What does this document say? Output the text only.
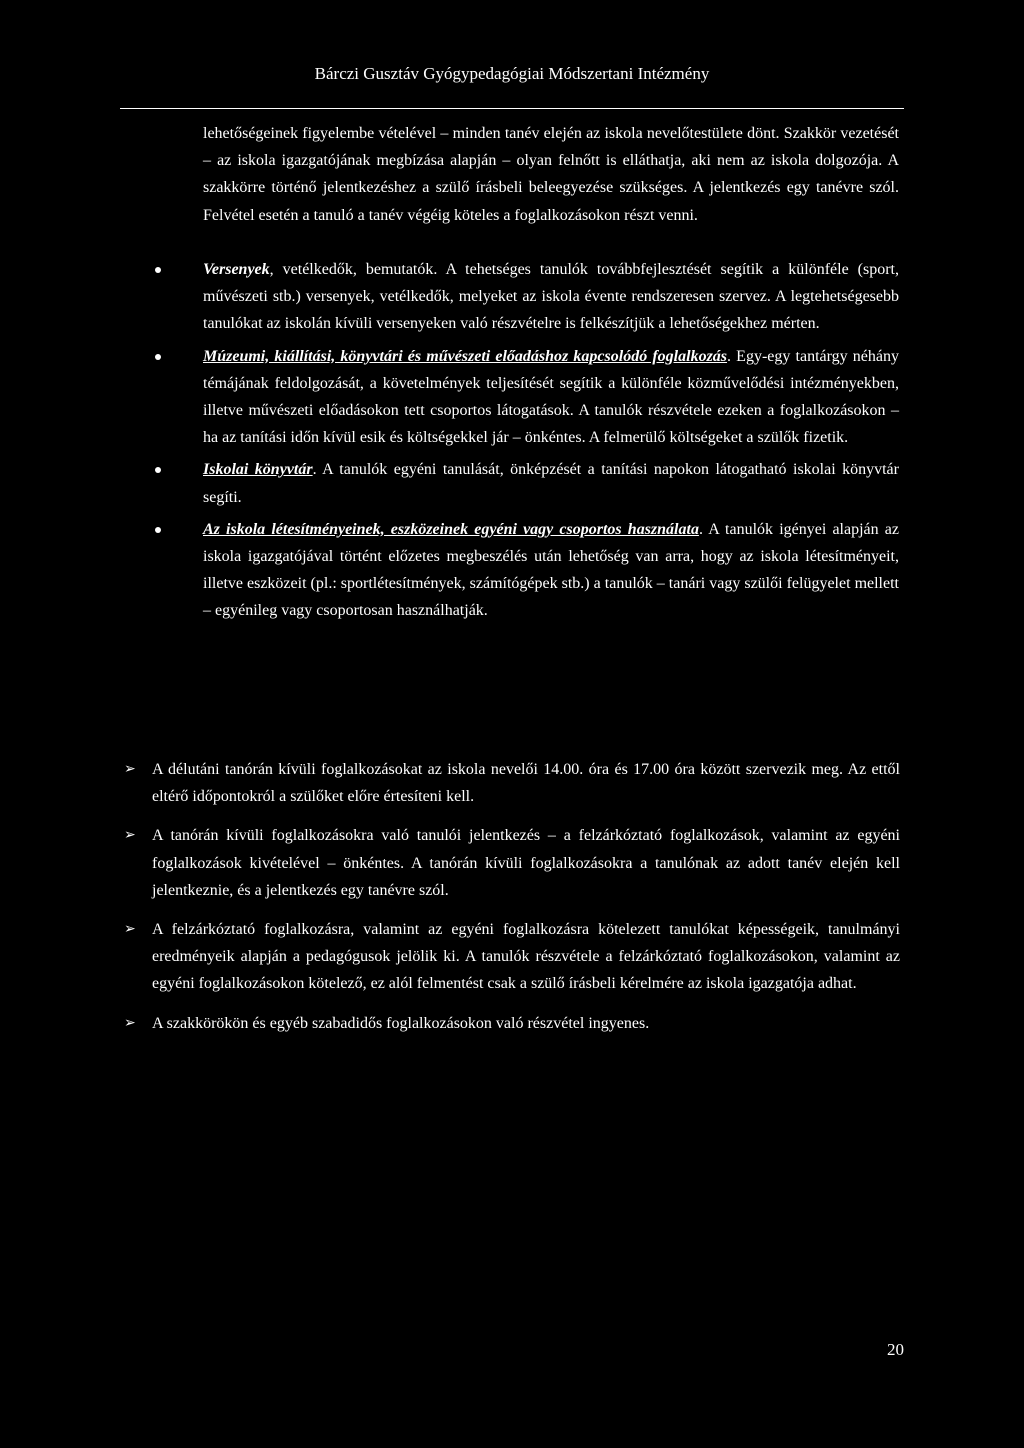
Bárczi Gusztáv Gyógypedagógiai Módszertani Intézmény

lehetőségeinek figyelembe vételével – minden tanév elején az iskola nevelőtestülete dönt. Szakkör vezetését – az iskola igazgatójának megbízása alapján – olyan felnőtt is elláthatja, aki nem az iskola dolgozója. A szakkörre történő jelentkezéshez a szülő írásbeli beleegyezése szükséges. A jelentkezés egy tanévre szól. Felvétel esetén a tanuló a tanév végéig köteles a foglalkozásokon részt venni.

Versenyek, vetélkedők, bemutatók. A tehetséges tanulók továbbfejlesztését segítik a különféle (sport, művészeti stb.) versenyek, vetélkedők, melyeket az iskola évente rendszeresen szervez. A legtehetségesebb tanulókat az iskolán kívüli versenyeken való részvételre is felkészítjük a lehetőségekhez mérten.
Múzeumi, kiállítási, könyvtári és művészeti előadáshoz kapcsolódó foglalkozás. Egy-egy tantárgy néhány témájának feldolgozását, a követelmények teljesítését segítik a különféle közművelődési intézményekben, illetve művészeti előadásokon tett csoportos látogatások. A tanulók részvétele ezeken a foglalkozásokon – ha az tanítási időn kívül esik és költségekkel jár – önkéntes. A felmerülő költségeket a szülők fizetik.
Iskolai könyvtár. A tanulók egyéni tanulását, önképzését a tanítási napokon látogatható iskolai könyvtár segíti.
Az iskola létesítményeinek, eszközeinek egyéni vagy csoportos használata. A tanulók igényei alapján az iskola igazgatójával történt előzetes megbeszélés után lehetőség van arra, hogy az iskola létesítményeit, illetve eszközeit (pl.: sportlétesítmények, számítógépek stb.) a tanulók – tanári vagy szülői felügyelet mellett – egyénileg vagy csoportosan használhatják.
➢ A délutáni tanórán kívüli foglalkozásokat az iskola nevelői 14.00. óra és 17.00 óra között szervezik meg. Az ettől eltérő időpontokról a szülőket előre értesíteni kell.
➢ A tanórán kívüli foglalkozásokra való tanulói jelentkezés – a felzárkóztató foglalkozások, valamint az egyéni foglalkozások kivételével – önkéntes. A tanórán kívüli foglalkozásokra a tanulónak az adott tanév elején kell jelentkeznie, és a jelentkezés egy tanévre szól.
➢ A felzárkóztató foglalkozásra, valamint az egyéni foglalkozásra kötelezett tanulókat képességeik, tanulmányi eredményeik alapján a pedagógusok jelölik ki. A tanulók részvétele a felzárkóztató foglalkozásokon, valamint az egyéni foglalkozásokon kötelező, ez alól felmentést csak a szülő írásbeli kérelmére az iskola igazgatója adhat.
➢ A szakkörökön és egyéb szabadidős foglalkozásokon való részvétel ingyenes.
20
